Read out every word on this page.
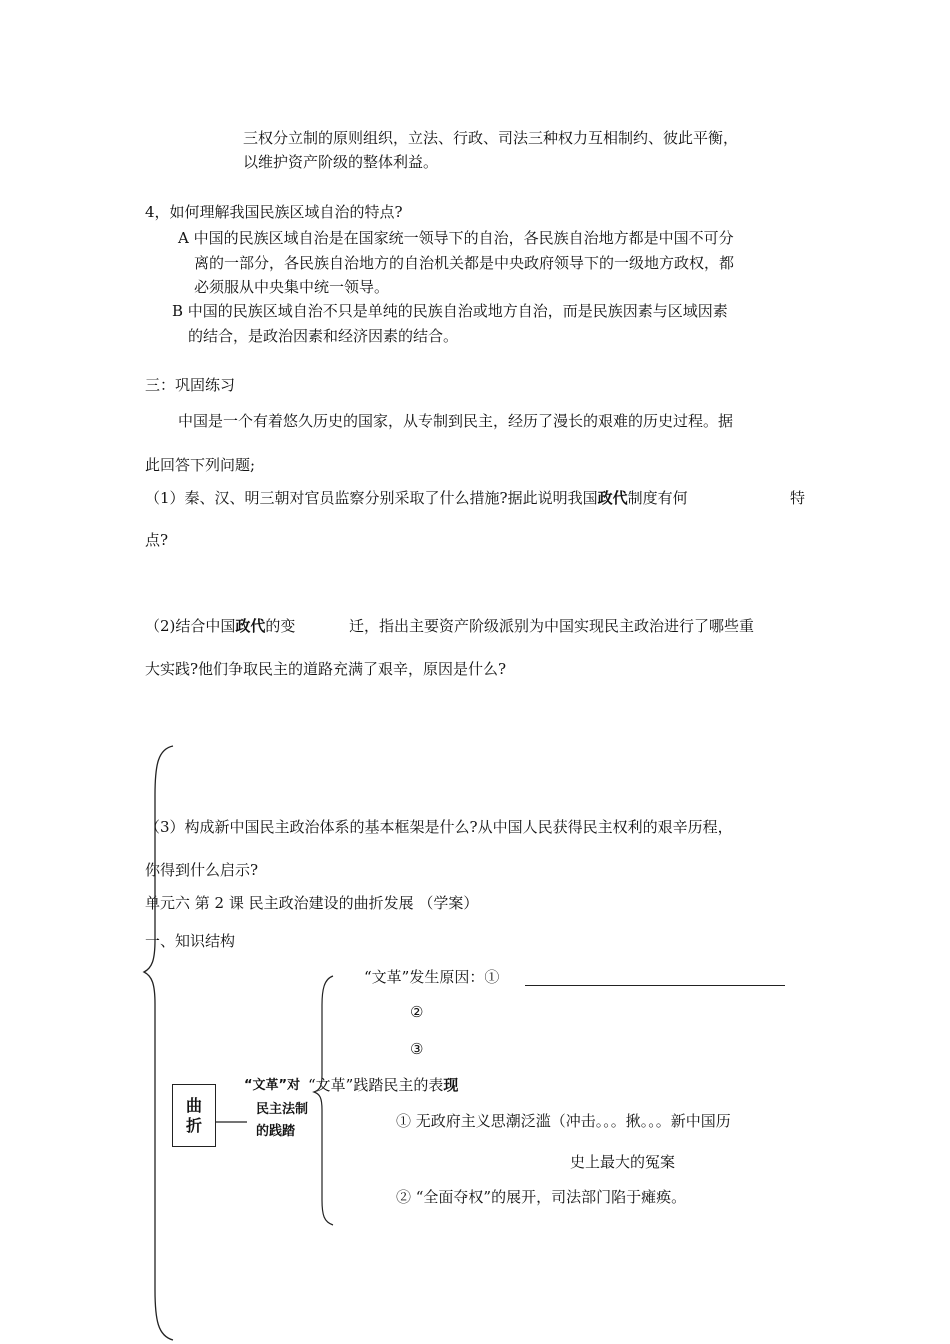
三权分立制的原则组织，立法、行政、司法三种权力互相制约、彼此平衡，
以维护资产阶级的整体利益。
4，如何理解我国民族区域自治的特点?
A 中国的民族区域自治是在国家统一领导下的自治，各民族自治地方都是中国不可分
离的一部分，各民族自治地方的自治机关都是中央政府领导下的一级地方政权，都
必须服从中央集中统一领导。
B 中国的民族区域自治不只是单纯的民族自治或地方自治，而是民族因素与区域因素
的结合，是政治因素和经济因素的结合。
三：巩固练习
中国是一个有着悠久历史的国家，从专制到民主，经历了漫长的艰难的历史过程。据
此回答下列问题;
（1）秦、汉、明三朝对官员监察分别采取了什么措施?据此说明我国政代制度有何	特
点?
（2)结合中国政代的变	迁，指出主要资产阶级派别为中国实现民主政治进行了哪些重
大实践?他们争取民主的道路充满了艰辛，原因是什么?
（3）构成新中国民主政治体系的基本框架是什么?从中国人民获得民主权利的艰辛历程，
你得到什么启示?
单元六 第 2 课 民主政治建设的曲折发展 （学案）
一、知识结构
曲
折
“文革”对
民主法制
的践踏
“文革”发生原因：①
②
③
“文革”践踏民主的表现
① 无政府主义思潮泛滥（冲击。。。揪。。。新中国历
史上最大的冤案
② “全面夺权”的展开，司法部门陷于瘫痪。
